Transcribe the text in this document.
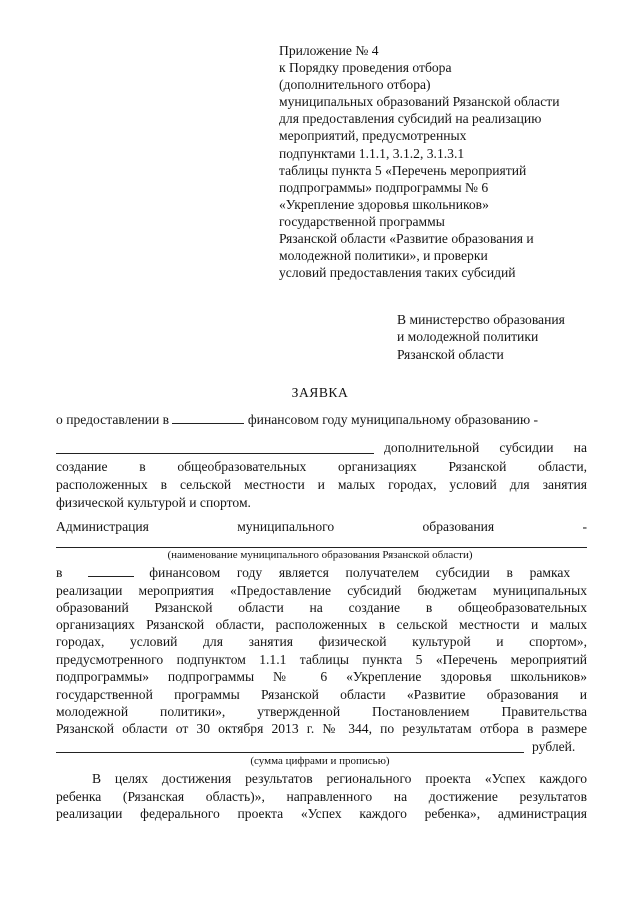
Приложение № 4
к Порядку проведения отбора
(дополнительного отбора)
муниципальных образований Рязанской области
для предоставления субсидий на реализацию
мероприятий, предусмотренных
подпунктами 1.1.1, 3.1.2, 3.1.3.1
таблицы пункта 5 «Перечень мероприятий
подпрограммы» подпрограммы № 6
«Укрепление здоровья школьников»
государственной программы
Рязанской области «Развитие образования и
молодежной политики», и проверки
условий предоставления таких субсидий
В министерство образования
и молодежной политики
Рязанской области
ЗАЯВКА
о предоставлении в	финансовом году муниципальному образованию -
дополнительной субсидии на
создание в общеобразовательных организациях Рязанской области,
расположенных в сельской местности и малых городах, условий для занятия
физической культурой и спортом.
Администрация муниципального образования -
(наименование муниципального образования Рязанской области)
в	финансовом году является получателем субсидии в рамках
реализации мероприятия «Предоставление субсидий бюджетам муниципальных
образований Рязанской области на создание в общеобразовательных
организациях Рязанской области, расположенных в сельской местности и малых
городах, условий для занятия физической культурой и спортом»,
предусмотренного подпунктом 1.1.1 таблицы пункта 5 «Перечень мероприятий
подпрограммы» подпрограммы № 6 «Укрепление здоровья школьников»
государственной программы Рязанской области «Развитие образования и
молодежной политики», утвержденной Постановлением Правительства
Рязанской области от 30 октября 2013 г. № 344, по результатам отбора в размере
рублей.
(сумма цифрами и прописью)
В целях достижения результатов регионального проекта «Успех каждого
ребенка (Рязанская область)», направленного на достижение результатов
реализации федерального проекта «Успех каждого ребенка», администрация
